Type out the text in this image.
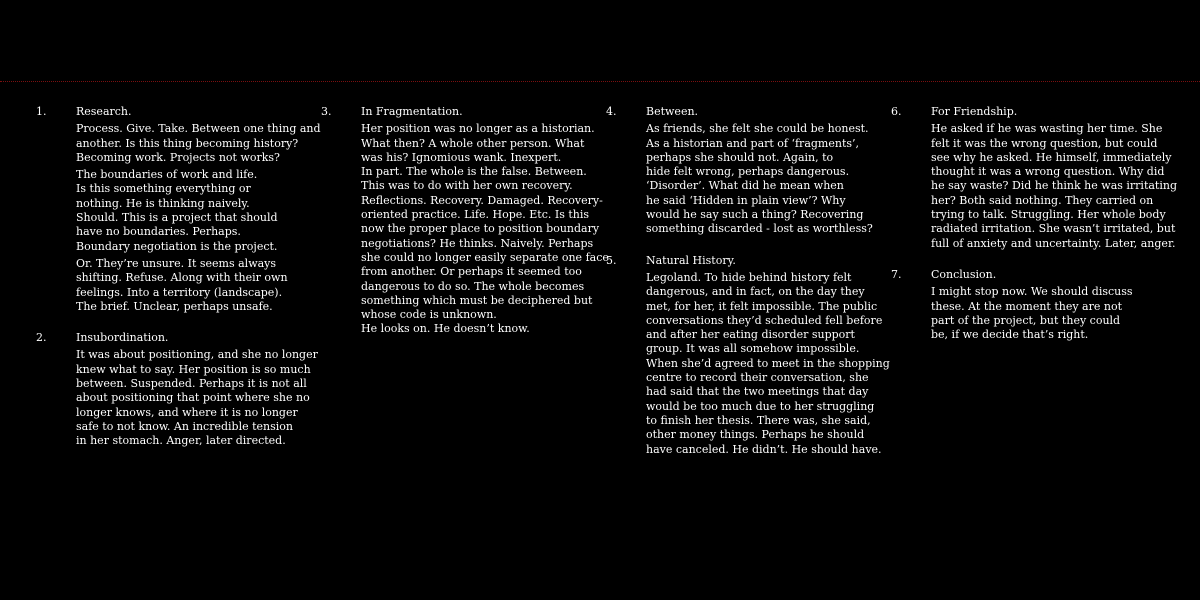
1.	Research.
Process. Give. Take. Between one thing and
another. Is this thing becoming history?
Becoming work. Projects not works?
The boundaries of work and life.
Is this something everything or
nothing. He is thinking naively.
Should. This is a project that should
have no boundaries. Perhaps.
Boundary negotiation is the project.
Or. They’re unsure. It seems always
shifting. Refuse. Along with their own
feelings. Into a territory (landscape).
The brief. Unclear, perhaps unsafe.
2.	Insubordination.
It was about positioning, and she no longer
knew what to say. Her position is so much
between. Suspended. Perhaps it is not all
about positioning that point where she no
longer knows, and where it is no longer
safe to not know. An incredible tension
in her stomach. Anger, later directed.
3.	In Fragmentation.
Her position was no longer as a historian.
What then? A whole other person. What
was his? Ignomious wank. Inexpert.
In part. The whole is the false. Between.
This was to do with her own recovery.
Reflections. Recovery. Damaged. Recovery-
oriented practice. Life. Hope. Etc. Is this
now the proper place to position boundary
negotiations? He thinks. Naively. Perhaps
she could no longer easily separate one face
from another. Or perhaps it seemed too
dangerous to do so. The whole becomes
something which must be deciphered but
whose code is unknown.
He looks on. He doesn’t know.
4.	Between.
As friends, she felt she could be honest.
As a historian and part of ‘fragments’,
perhaps she should not. Again, to
hide felt wrong, perhaps dangerous.
‘Disorder’. What did he mean when
he said ‘Hidden in plain view’? Why
would he say such a thing? Recovering
something discarded - lost as worthless?
5.	Natural History.
Legoland. To hide behind history felt
dangerous, and in fact, on the day they
met, for her, it felt impossible. The public
conversations they’d scheduled fell before
and after her eating disorder support
group. It was all somehow impossible.
When she’d agreed to meet in the shopping
centre to record their conversation, she
had said that the two meetings that day
would be too much due to her struggling
to finish her thesis. There was, she said,
other money things. Perhaps he should
have canceled. He didn’t. He should have.
6.	For Friendship.
He asked if he was wasting her time. She
felt it was the wrong question, but could
see why he asked. He himself, immediately
thought it was a wrong question. Why did
he say waste? Did he think he was irritating
her? Both said nothing. They carried on
trying to talk. Struggling. Her whole body
radiated irritation. She wasn’t irritated, but
full of anxiety and uncertainty. Later, anger.
7.	Conclusion.
I might stop now. We should discuss
these. At the moment they are not
part of the project, but they could
be, if we decide that’s right.
